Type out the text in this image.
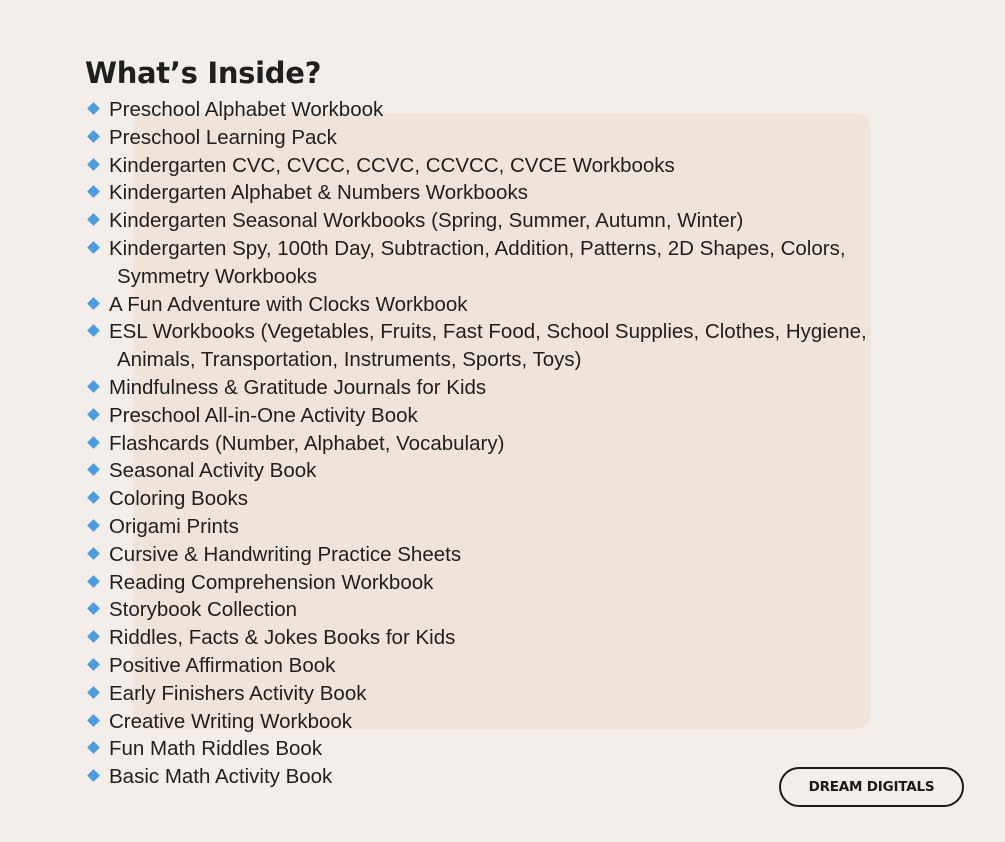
What’s Inside?
Preschool Alphabet Workbook
Preschool Learning Pack
Kindergarten CVC, CVCC, CCVC, CCVCC, CVCE Workbooks
Kindergarten Alphabet & Numbers Workbooks
Kindergarten Seasonal Workbooks (Spring, Summer, Autumn, Winter)
Kindergarten Spy, 100th Day, Subtraction, Addition, Patterns, 2D Shapes, Colors,
Symmetry Workbooks
A Fun Adventure with Clocks Workbook
ESL Workbooks (Vegetables, Fruits, Fast Food, School Supplies, Clothes, Hygiene,
Animals, Transportation, Instruments, Sports, Toys)
Mindfulness & Gratitude Journals for Kids
Preschool All-in-One Activity Book
Flashcards (Number, Alphabet, Vocabulary)
Seasonal Activity Book
Coloring Books
Origami Prints
Cursive & Handwriting Practice Sheets
Reading Comprehension Workbook
Storybook Collection
Riddles, Facts & Jokes Books for Kids
Positive Affirmation Book
Early Finishers Activity Book
Creative Writing Workbook
Fun Math Riddles Book
Basic Math Activity Book	DREAM DIGITALS
